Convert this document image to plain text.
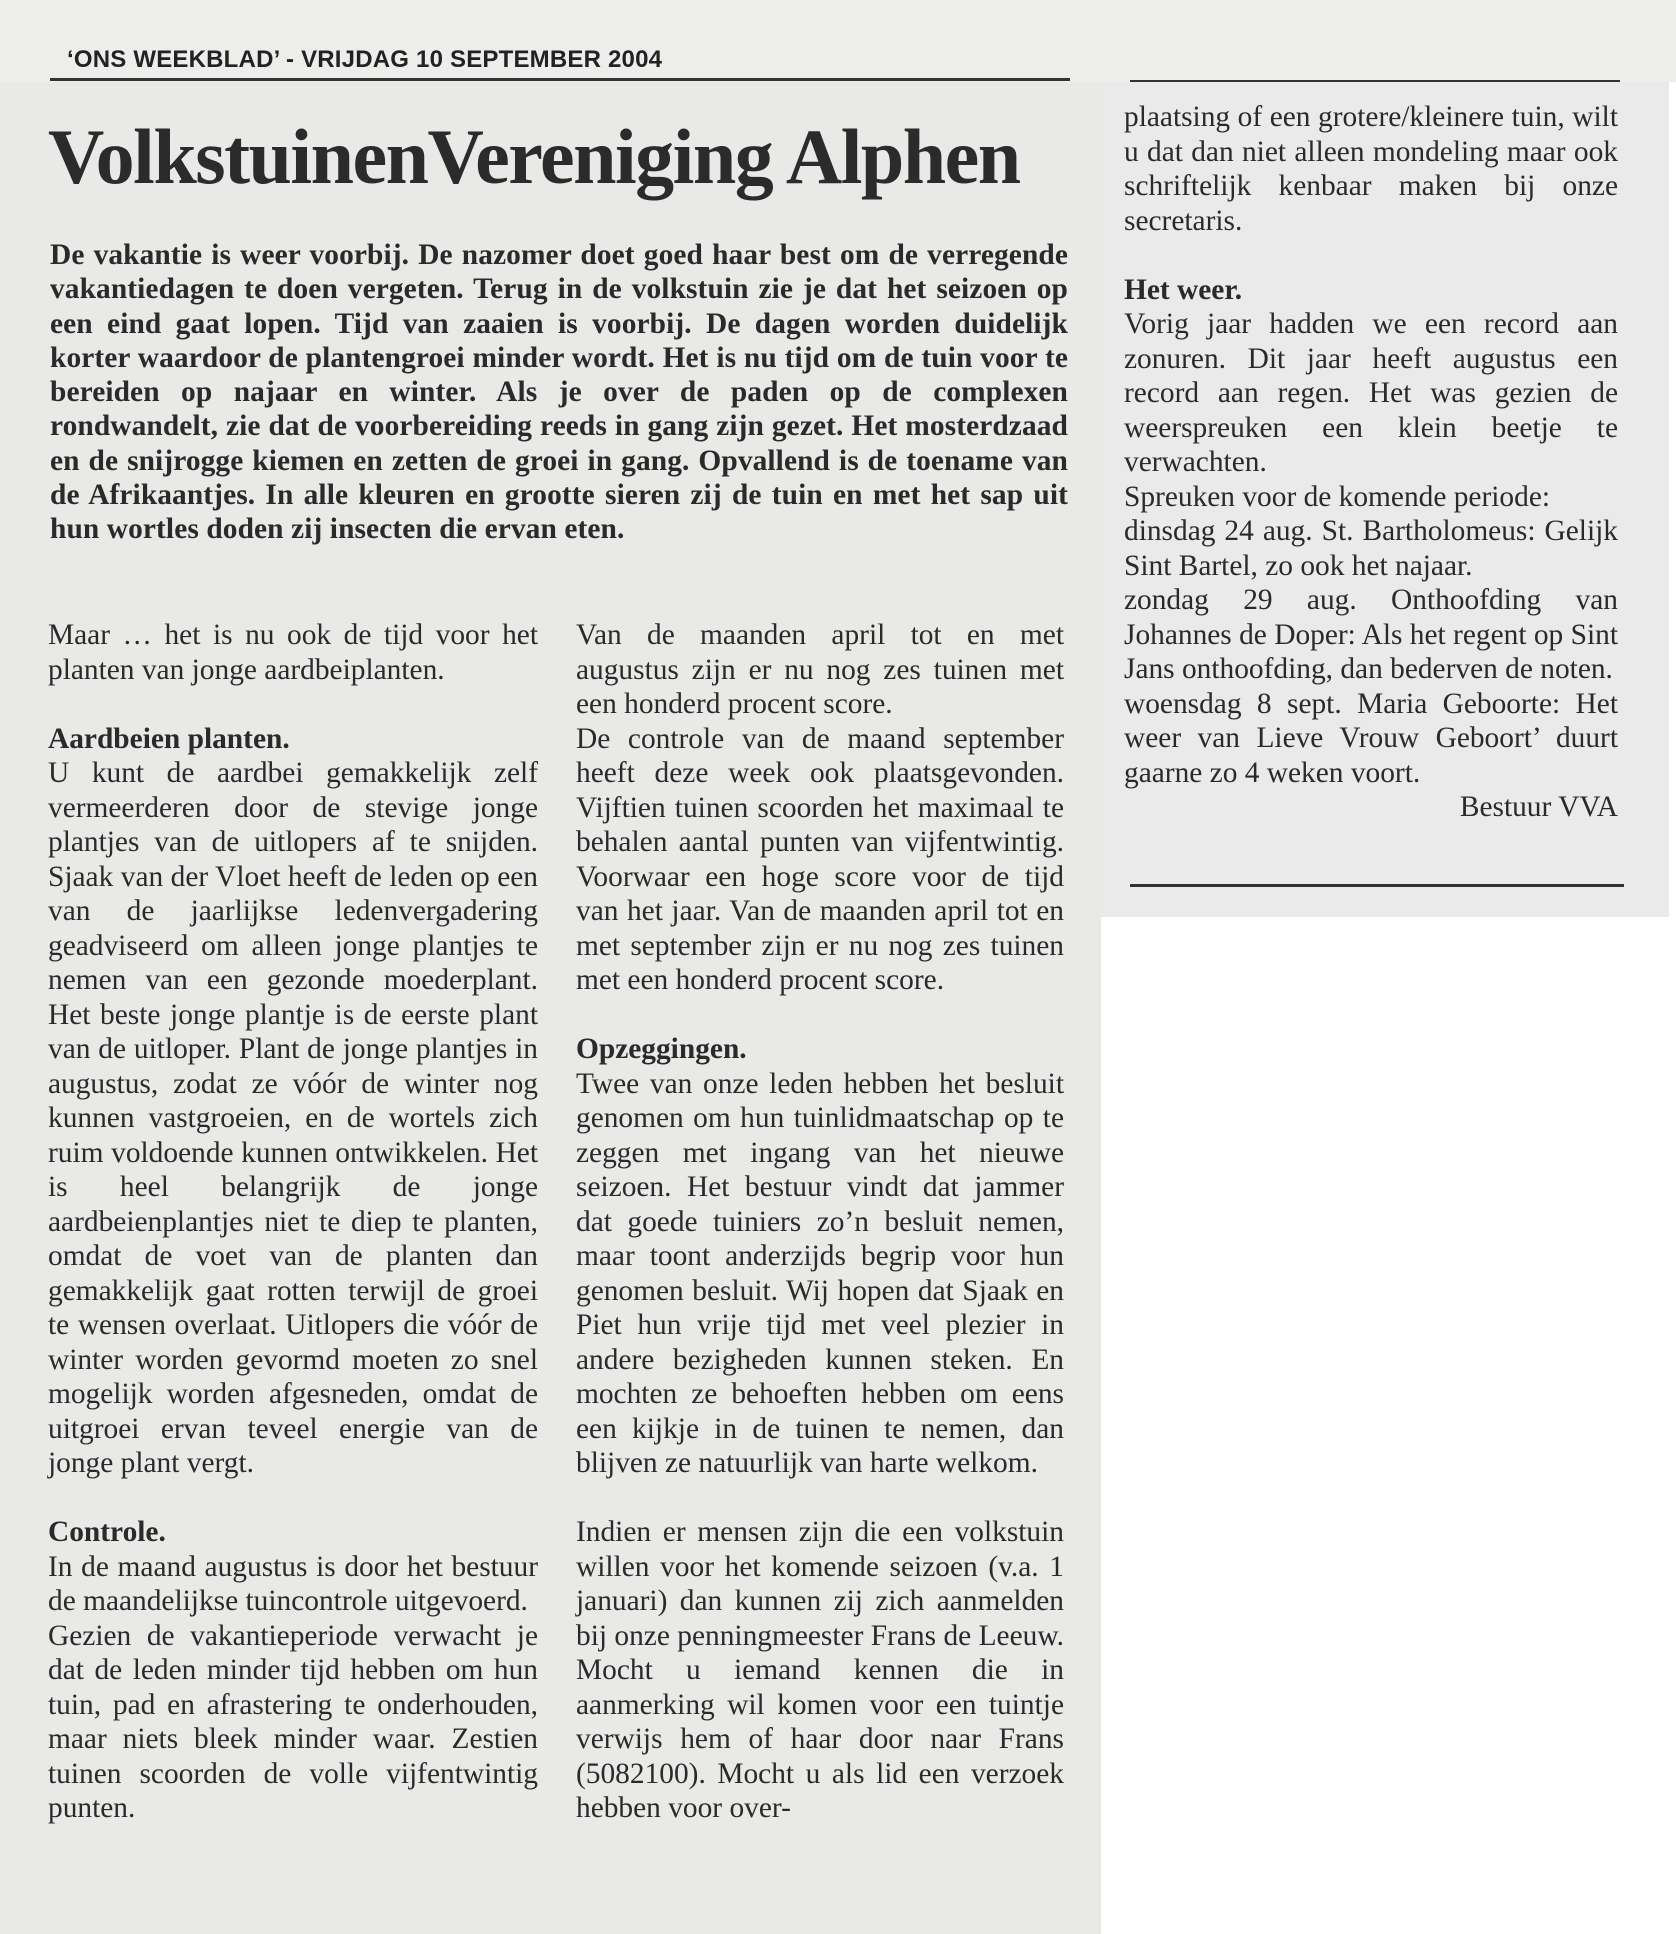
‘ONS WEEKBLAD’ - VRIJDAG 10 SEPTEMBER 2004
VolkstuinenVereniging Alphen
De vakantie is weer voorbij. De nazomer doet goed haar best om de verregende vakantiedagen te doen vergeten. Terug in de volkstuin zie je dat het seizoen op een eind gaat lopen. Tijd van zaaien is voorbij. De dagen worden duidelijk korter waardoor de plantengroei minder wordt. Het is nu tijd om de tuin voor te bereiden op najaar en winter. Als je over de paden op de complexen rondwandelt, zie dat de voorbereiding reeds in gang zijn gezet. Het mosterdzaad en de snijrogge kiemen en zetten de groei in gang. Opvallend is de toename van de Afrikaantjes. In alle kleuren en grootte sieren zij de tuin en met het sap uit hun wortles doden zij insecten die ervan eten.

Maar … het is nu ook de tijd voor het planten van jonge aardbeiplanten.

Aardbeien planten.

U kunt de aardbei gemakkelijk zelf vermeerderen door de stevige jonge plantjes van de uitlopers af te snijden. Sjaak van der Vloet heeft de leden op een van de jaarlijkse ledenvergadering geadviseerd om alleen jonge plantjes te nemen van een gezonde moederplant. Het beste jonge plantje is de eerste plant van de uitloper. Plant de jonge plantjes in augustus, zodat ze vóór de winter nog kunnen vastgroeien, en de wortels zich ruim voldoende kunnen ontwikkelen. Het is heel belangrijk de jonge aardbeienplantjes niet te diep te planten, omdat de voet van de planten dan gemakkelijk gaat rotten terwijl de groei te wensen overlaat. Uitlopers die vóór de winter worden gevormd moeten zo snel mogelijk worden afgesneden, omdat de uitgroei ervan teveel energie van de jonge plant vergt.

Controle.

In de maand augustus is door het bestuur de maandelijkse tuincontrole uitgevoerd.

Gezien de vakantieperiode verwacht je dat de leden minder tijd hebben om hun tuin, pad en afrastering te onderhouden, maar niets bleek minder waar. Zestien tuinen scoorden de volle vijfentwintig punten.

Van de maanden april tot en met augustus zijn er nu nog zes tuinen met een honderd procent score.

De controle van de maand september heeft deze week ook plaatsgevonden. Vijftien tuinen scoorden het maximaal te behalen aantal punten van vijfentwintig. Voorwaar een hoge score voor de tijd van het jaar. Van de maanden april tot en met september zijn er nu nog zes tuinen met een honderd procent score.

Opzeggingen.

Twee van onze leden hebben het besluit genomen om hun tuinlidmaatschap op te zeggen met ingang van het nieuwe seizoen. Het bestuur vindt dat jammer dat goede tuiniers zo’n besluit nemen, maar toont anderzijds begrip voor hun genomen besluit. Wij hopen dat Sjaak en Piet hun vrije tijd met veel plezier in andere bezigheden kunnen steken. En mochten ze behoeften hebben om eens een kijkje in de tuinen te nemen, dan blijven ze natuurlijk van harte welkom.

Indien er mensen zijn die een volkstuin willen voor het komende seizoen (v.a. 1 januari) dan kunnen zij zich aanmelden bij onze penningmeester Frans de Leeuw. Mocht u iemand kennen die in aanmerking wil komen voor een tuintje verwijs hem of haar door naar Frans (5082100). Mocht u als lid een verzoek hebben voor over-

plaatsing of een grotere/kleinere tuin, wilt u dat dan niet alleen mondeling maar ook schriftelijk kenbaar maken bij onze secretaris.

Het weer.

Vorig jaar hadden we een record aan zonuren. Dit jaar heeft augustus een record aan regen. Het was gezien de weerspreuken een klein beetje te verwachten.

Spreuken voor de komende periode:

dinsdag 24 aug. St. Bartholomeus: Gelijk Sint Bartel, zo ook het najaar.

zondag 29 aug. Onthoofding van Johannes de Doper: Als het regent op Sint Jans onthoofding, dan bederven de noten.

woensdag 8 sept. Maria Geboorte: Het weer van Lieve Vrouw Geboort’ duurt gaarne zo 4 weken voort.

Bestuur VVA
